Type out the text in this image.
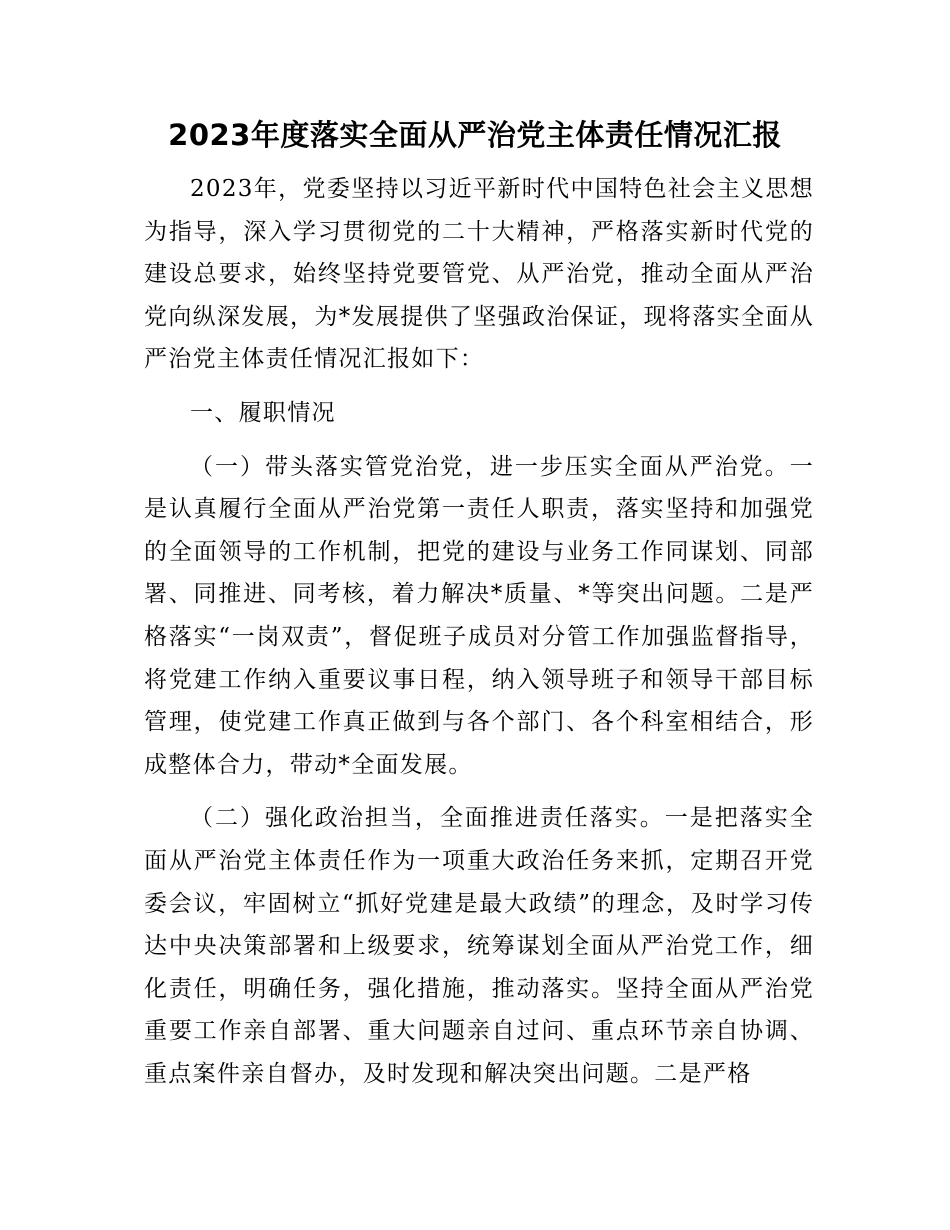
2023年度落实全面从严治党主体责任情况汇报

2023年，党委坚持以习近平新时代中国特色社会主义思想为指导，深入学习贯彻党的二十大精神，严格落实新时代党的建设总要求，始终坚持党要管党、从严治党，推动全面从严治党向纵深发展，为*发展提供了坚强政治保证，现将落实全面从严治党主体责任情况汇报如下：

一、履职情况

（一）带头落实管党治党，进一步压实全面从严治党。一是认真履行全面从严治党第一责任人职责，落实坚持和加强党的全面领导的工作机制，把党的建设与业务工作同谋划、同部署、同推进、同考核，着力解决*质量、*等突出问题。二是严格落实“一岗双责”，督促班子成员对分管工作加强监督指导，将党建工作纳入重要议事日程，纳入领导班子和领导干部目标管理，使党建工作真正做到与各个部门、各个科室相结合，形成整体合力，带动*全面发展。

（二）强化政治担当，全面推进责任落实。一是把落实全面从严治党主体责任作为一项重大政治任务来抓，定期召开党委会议，牢固树立“抓好党建是最大政绩”的理念，及时学习传达中央决策部署和上级要求，统筹谋划全面从严治党工作，细化责任，明确任务，强化措施，推动落实。坚持全面从严治党重要工作亲自部署、重大问题亲自过问、重点环节亲自协调、重点案件亲自督办，及时发现和解决突出问题。二是严格
